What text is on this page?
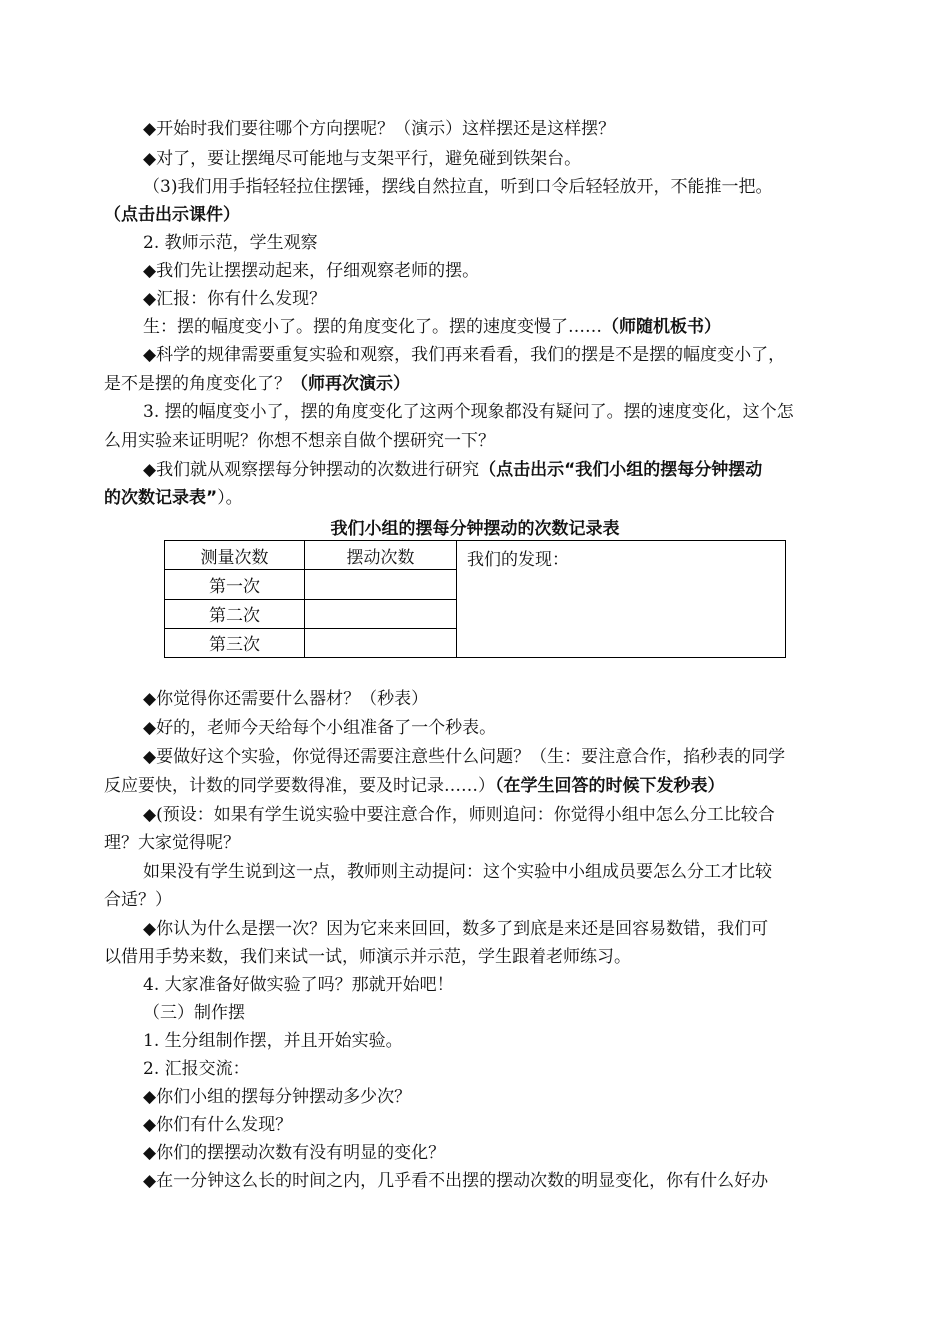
◆开始时我们要往哪个方向摆呢？（演示）这样摆还是这样摆？
◆对了，要让摆绳尽可能地与支架平行，避免碰到铁架台。
（3)我们用手指轻轻拉住摆锤，摆线自然拉直，听到口令后轻轻放开，不能推一把。
（点击出示课件）
2. 教师示范，学生观察
◆我们先让摆摆动起来，仔细观察老师的摆。
◆汇报：你有什么发现？
生：摆的幅度变小了。摆的角度变化了。摆的速度变慢了……（师随机板书）
◆科学的规律需要重复实验和观察，我们再来看看，我们的摆是不是摆的幅度变小了，
是不是摆的角度变化了？（师再次演示）
3. 摆的幅度变小了，摆的角度变化了这两个现象都没有疑问了。摆的速度变化，这个怎
么用实验来证明呢？你想不想亲自做个摆研究一下？
◆我们就从观察摆每分钟摆动的次数进行研究（点击出示“我们小组的摆每分钟摆动
的次数记录表”）。
我们小组的摆每分钟摆动的次数记录表
测量次数	摆动次数	我们的发现：
第一次		
第二次		
第三次		
◆你觉得你还需要什么器材？（秒表）
◆好的，老师今天给每个小组准备了一个秒表。
◆要做好这个实验，你觉得还需要注意些什么问题？（生：要注意合作，掐秒表的同学
反应要快，计数的同学要数得准，要及时记录……）（在学生回答的时候下发秒表）
◆(预设：如果有学生说实验中要注意合作，师则追问：你觉得小组中怎么分工比较合
理？大家觉得呢？
如果没有学生说到这一点，教师则主动提问：这个实验中小组成员要怎么分工才比较
合适？）
◆你认为什么是摆一次？因为它来来回回，数多了到底是来还是回容易数错，我们可
以借用手势来数，我们来试一试，师演示并示范，学生跟着老师练习。
4. 大家准备好做实验了吗？那就开始吧！
（三）制作摆
1. 生分组制作摆，并且开始实验。
2. 汇报交流：
◆你们小组的摆每分钟摆动多少次？
◆你们有什么发现？
◆你们的摆摆动次数有没有明显的变化？
◆在一分钟这么长的时间之内，几乎看不出摆的摆动次数的明显变化，你有什么好办
